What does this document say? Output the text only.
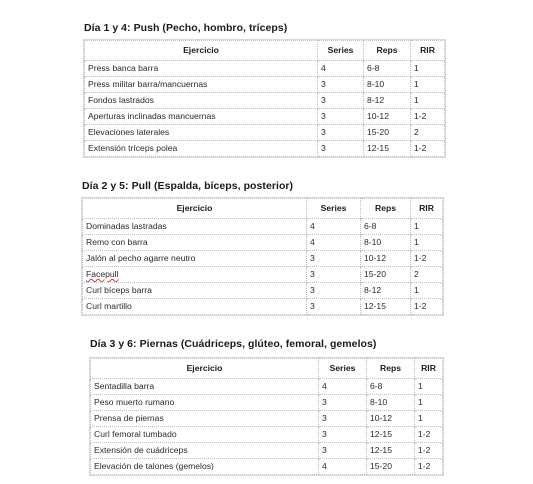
Día 1 y 4: Push (Pecho, hombro, tríceps)
Ejercicio	Series	Reps	RIR
Press banca barra	4	6-8	1
Press militar barra/mancuernas	3	8-10	1
Fondos lastrados	3	8-12	1
Aperturas inclinadas mancuernas	3	10-12	1-2
Elevaciones laterales	3	15-20	2
Extensión tríceps polea	3	12-15	1-2
Día 2 y 5: Pull (Espalda, bíceps, posterior)
Ejercicio	Series	Reps	RIR
Dominadas lastradas	4	6-8	1
Remo con barra	4	8-10	1
Jalón al pecho agarre neutro	3	10-12	1-2
Facepull	3	15-20	2
Curl bíceps barra	3	8-12	1
Curl martillo	3	12-15	1-2
Día 3 y 6: Piernas (Cuádriceps, glúteo, femoral, gemelos)
Ejercicio	Series	Reps	RIR
Sentadilla barra	4	6-8	1
Peso muerto rumano	3	8-10	1
Prensa de piernas	3	10-12	1
Curl femoral tumbado	3	12-15	1-2
Extensión de cuádriceps	3	12-15	1-2
Elevación de talones (gemelos)	4	15-20	1-2
